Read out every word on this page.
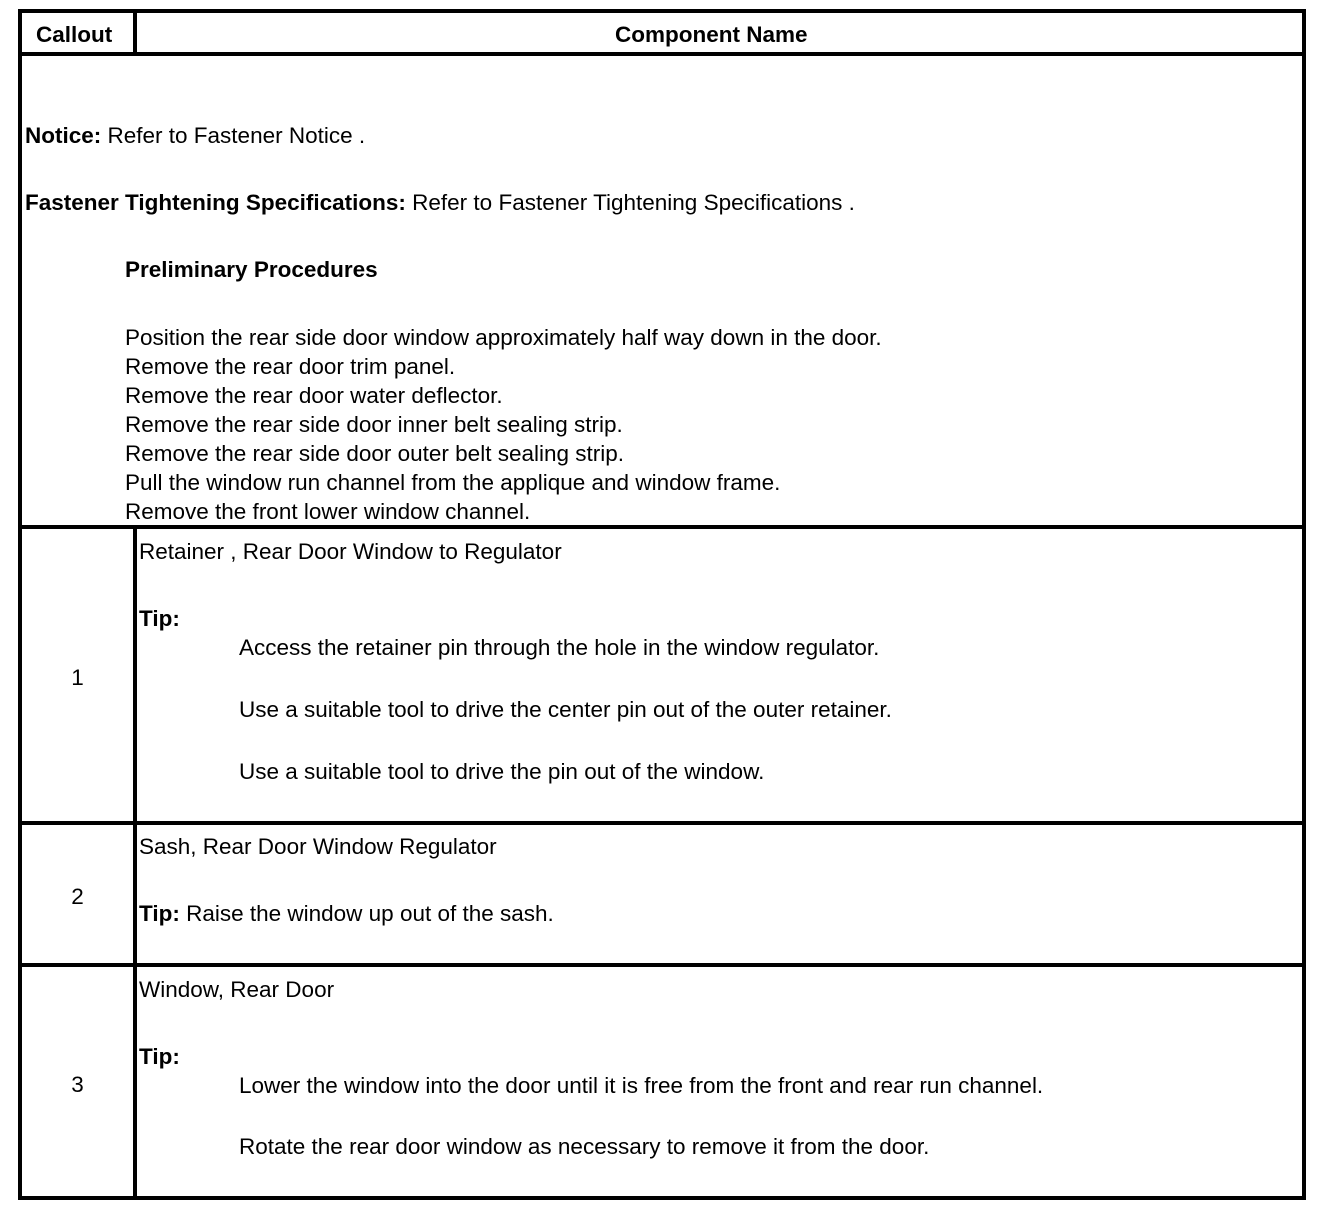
Callout	Component Name
Notice: Refer to Fastener Notice .
Fastener Tightening Specifications: Refer to Fastener Tightening Specifications .
Preliminary Procedures
Position the rear side door window approximately half way down in the door.
Remove the rear door trim panel.
Remove the rear door water deflector.
Remove the rear side door inner belt sealing strip.
Remove the rear side door outer belt sealing strip.
Pull the window run channel from the applique and window frame.
Remove the front lower window channel.
1
Retainer , Rear Door Window to Regulator
Tip:
Access the retainer pin through the hole in the window regulator.
Use a suitable tool to drive the center pin out of the outer retainer.
Use a suitable tool to drive the pin out of the window.
2
Sash, Rear Door Window Regulator
Tip: Raise the window up out of the sash.
3
Window, Rear Door
Tip:
Lower the window into the door until it is free from the front and rear run channel.
Rotate the rear door window as necessary to remove it from the door.
